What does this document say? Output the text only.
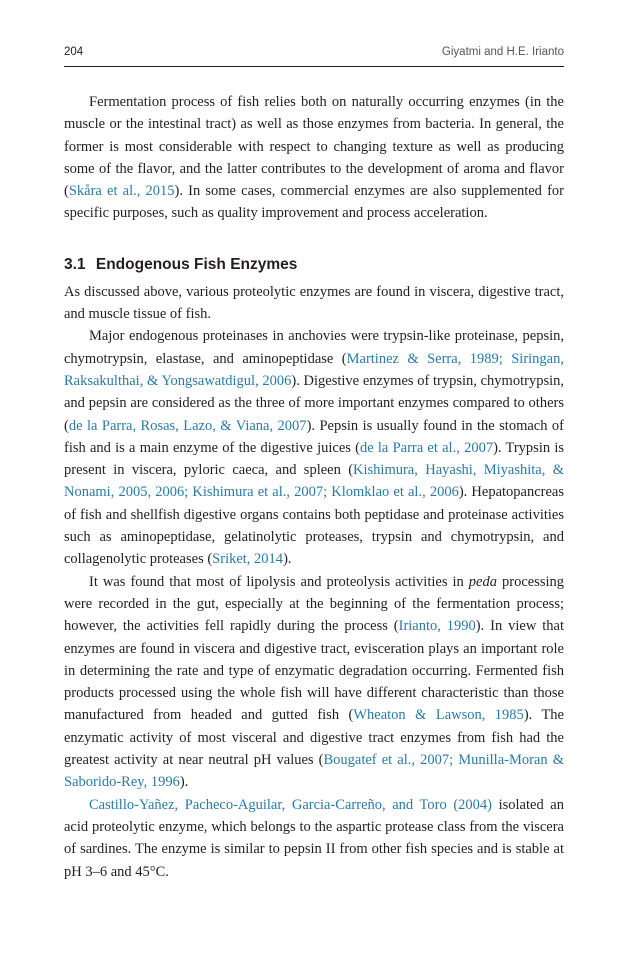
204	Giyatmi and H.E. Irianto

Fermentation process of fish relies both on naturally occurring enzymes (in the muscle or the intestinal tract) as well as those enzymes from bacteria. In general, the former is most considerable with respect to changing texture as well as producing some of the flavor, and the latter contributes to the development of aroma and flavor (Skåra et al., 2015). In some cases, commercial enzymes are also supplemented for specific purposes, such as quality improvement and process acceleration.

3.1 Endogenous Fish Enzymes

As discussed above, various proteolytic enzymes are found in viscera, digestive tract, and muscle tissue of fish.

Major endogenous proteinases in anchovies were trypsin-like proteinase, pepsin, chymotrypsin, elastase, and aminopeptidase (Martinez & Serra, 1989; Siringan, Raksakulthai, & Yongsawatdigul, 2006). Digestive enzymes of trypsin, chymotrypsin, and pepsin are considered as the three of more important enzymes compared to others (de la Parra, Rosas, Lazo, & Viana, 2007). Pepsin is usually found in the stomach of fish and is a main enzyme of the digestive juices (de la Parra et al., 2007). Trypsin is present in viscera, pyloric caeca, and spleen (Kishimura, Hayashi, Miyashita, & Nonami, 2005, 2006; Kishimura et al., 2007; Klomklao et al., 2006). Hepatopancreas of fish and shellfish digestive organs contains both peptidase and proteinase activities such as aminopeptidase, gelatinolytic proteases, trypsin and chymotrypsin, and collagenolytic proteases (Sriket, 2014).

It was found that most of lipolysis and proteolysis activities in peda processing were recorded in the gut, especially at the beginning of the fermentation process; however, the activities fell rapidly during the process (Irianto, 1990). In view that enzymes are found in viscera and digestive tract, evisceration plays an important role in determining the rate and type of enzymatic degradation occurring. Fermented fish products processed using the whole fish will have different characteristic than those manufactured from headed and gutted fish (Wheaton & Lawson, 1985). The enzymatic activity of most visceral and digestive tract enzymes from fish had the greatest activity at near neutral pH values (Bougatef et al., 2007; Munilla-Moran & Saborido-Rey, 1996).

Castillo-Yañez, Pacheco-Aguilar, Garcia-Carreño, and Toro (2004) isolated an acid proteolytic enzyme, which belongs to the aspartic protease class from the viscera of sardines. The enzyme is similar to pepsin II from other fish species and is stable at pH 3–6 and 45°C.
